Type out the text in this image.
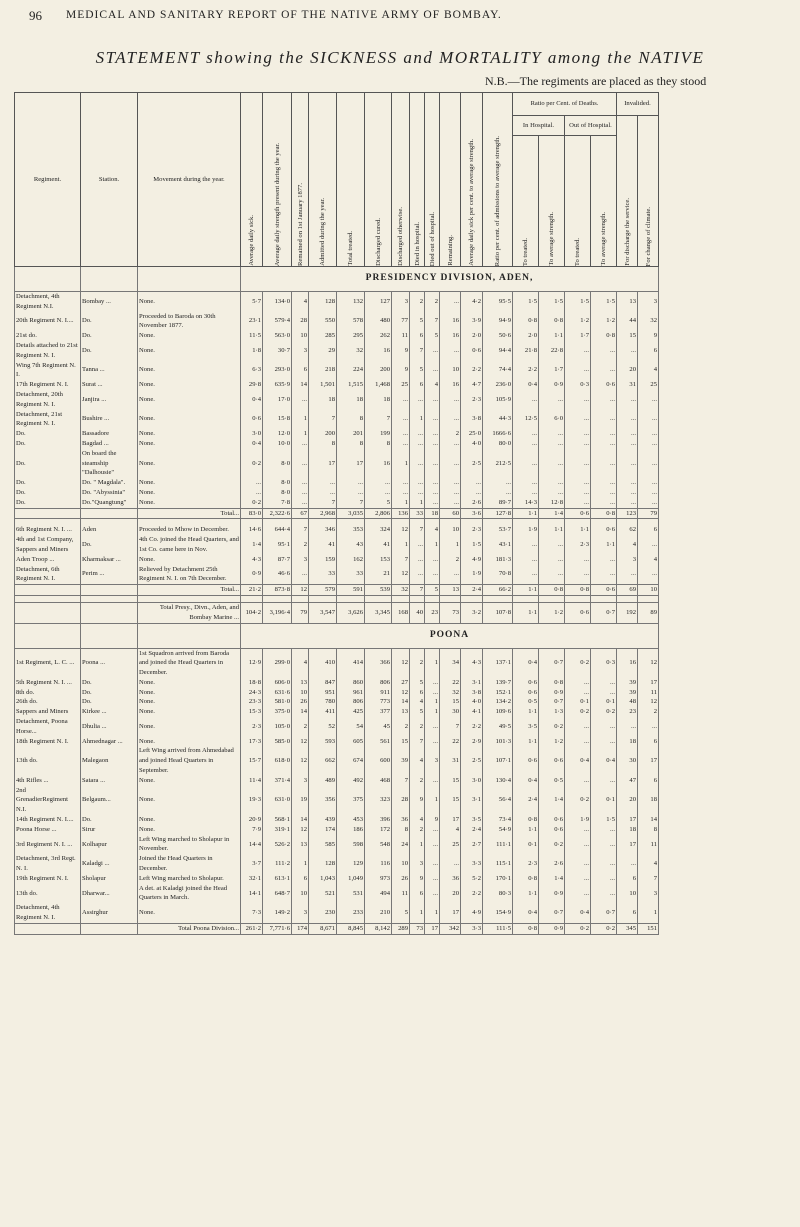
96 MEDICAL AND SANITARY REPORT OF THE NATIVE ARMY OF BOMBAY.
STATEMENT showing the SICKNESS and MORTALITY among the NATIVE
N.B.—The regiments are placed as they stood
Regiment.	Station.	Movement during the year.	Average daily sick.	Average daily strength present during the year.	Remained on 1st January 1877.	Admitted during the year.	Total treated.	Discharged cured.	Discharged otherwise.	Died in hospital.	Died out of hospital.	Remaining.	Average daily sick per cent. to average strength.	Ratio per cent. of admissions to average strength.	Ratio per Cent. of Deaths.				Invalided.	
															In Hospital.		Out of Hospital.		For discharge the service.	For change of climate.

															To treated.	To average strength.	To treated.	To average strength.		

			PRESIDENCY DIVISION, ADEN,																	
Detachment, 4th Regiment N.I.	Bombay ...	None.	5·7	134·0	4	128	132	127	3	2	2	...	4·2	95·5	1·5	1·5	1·5	1·5	13	3
20th Regiment N. I....	Do.	Proceeded to Baroda on 30th November 1877.	23·1	579·4	28	550	578	480	77	5	7	16	3·9	94·9	0·8	0·8	1·2	1·2	44	32
21st do.	Do.	None.	11·5	563·0	10	285	295	262	11	6	5	16	2·0	50·6	2·0	1·1	1·7	0·8	15	9
Details attached to 21st Regiment N. I.	Do.	None.	1·8	30·7	3	29	32	16	9	7	...	...	0·6	94·4	21·8	22·8	...	...	...	6
Wing 7th Regiment N. I.	Tanna ...	None.	6·3	293·0	6	218	224	200	9	5	...	10	2·2	74·4	2·2	1·7	...	...	20	4
17th Regiment N. I.	Surat ...	None.	29·8	635·9	14	1,501	1,515	1,468	25	6	4	16	4·7	236·0	0·4	0·9	0·3	0·6	31	25
Detachment, 20th Regiment N. I.	Janjira ...	None.	0·4	17·0	...	18	18	18	...	...	...	...	2·3	105·9	...	...	...	...	...	...
Detachment, 21st Regiment N. I.	Bushire ...	None.	0·6	15·8	1	7	8	7	...	1	...	...	3·8	44·3	12·5	6·0	...	...	...	...
Do.	Bassadore	None.	3·0	12·0	1	200	201	199	...	...	...	2	25·0	1666·6	...	...	...	...	...	...
Do.	Bagdad ...	None.	0·4	10·0	...	8	8	8	...	...	...	...	4·0	80·0	...	...	...	...	...	...
Do.	On board the steamship "Dalhousie"	None.	0·2	8·0	...	17	17	16	1	...	...	...	2·5	212·5	...	...	...	...	...	...
Do.	Do. " Magdala".	None.	...	8·0	...	...	...	...	...	...	...	...	...	...	...	...	...	...	...	...
Do.	Do. "Abyssinia"	None.	...	8·0	...	...	...	...	...	...	...	...	...	...	...	...	...	...	...	...
Do.	Do."Quangtung"	None.	0·2	7·8	...	7	7	5	1	1	...	...	2·6	89·7	14·3	12·8	...	...	...	...
		Total...	83·0	2,322·6	67	2,968	3,035	2,806	136	33	18	60	3·6	127·8	1·1	1·4	0·6	0·8	123	79

6th Regiment N. I. ...	Aden	Proceeded to Mhow in December.	14·6	644·4	7	346	353	324	12	7	4	10	2·3	53·7	1·9	1·1	1·1	0·6	62	6
4th and 1st Company, Sappers and Miners	Do.	4th Co. joined the Head Quarters, and 1st Co. came here in Nov.	1·4	95·1	2	41	43	41	1	...	1	1	1·5	43·1	...	...	2·3	1·1	4	...
Aden Troop ...	Kharmaksar ...	None.	4·3	87·7	3	159	162	153	7	...	...	2	4·9	181·3	...	...	...	...	3	4
Detachment, 6th Regiment N. I.	Perim ...	Relieved by Detachment 25th Regiment N. I. on 7th December.	0·9	46·6	...	33	33	21	12	...	...	...	1·9	70·8	...	...	...	...	...	...
		Total...	21·2	873·8	12	579	591	539	32	7	5	13	2·4	66·2	1·1	0·8	0·8	0·6	69	10

		Total Presy., Divn., Aden, and Bombay Marine ...	104·2	3,196·4	79	3,547	3,626	3,345	168	40	23	73	3·2	107·8	1·1	1·2	0·6	0·7	192	89
			POONA																	
1st Regiment, L. C. ...	Poona ...	1st Squadron arrived from Baroda and joined the Head Quarters in December.	12·9	299·0	4	410	414	366	12	2	1	34	4·3	137·1	0·4	0·7	0·2	0·3	16	12
5th Regiment N. I. ...	Do.	None.	18·8	606·0	13	847	860	806	27	5	...	22	3·1	139·7	0·6	0·8	...	...	39	17
8th do.	Do.	None.	24·3	631·6	10	951	961	911	12	6	...	32	3·8	152·1	0·6	0·9	...	...	39	11
26th do.	Do.	None.	23·3	581·0	26	780	806	773	14	4	1	15	4·0	134·2	0·5	0·7	0·1	0·1	48	12
Sappers and Miners	Kirkee ...	None.	15·3	375·0	14	411	425	377	13	5	1	30	4·1	109·6	1·1	1·3	0·2	0·2	23	2
Detachment, Poona Horse...	Dhulia ...	None.	2·3	105·0	2	52	54	45	2	2	...	7	2·2	49·5	3·5	0·2	...	...	...	...
18th Regiment N. I.	Ahmednagar ...	None.	17·3	585·0	12	593	605	561	15	7	...	22	2·9	101·3	1·1	1·2	...	...	18	6
13th do.	Malegaon	Left Wing arrived from Ahmedabad and joined Head Quarters in September.	15·7	618·0	12	662	674	600	39	4	3	31	2·5	107·1	0·6	0·6	0·4	0·4	30	17
4th Rifles ...	Satara ...	None.	11·4	371·4	3	489	492	468	7	2	...	15	3·0	130·4	0·4	0·5	...	...	47	6
2nd GrenadierRegiment N.I.	Belgaum...	None.	19·3	631·0	19	356	375	323	28	9	1	15	3·1	56·4	2·4	1·4	0·2	0·1	20	18
14th Regiment N. I....	Do.	None.	20·9	568·1	14	439	453	396	36	4	9	17	3·5	73·4	0·8	0·6	1·9	1·5	17	14
Poona Horse ...	Sirur	None.	7·9	319·1	12	174	186	172	8	2	...	4	2·4	54·9	1·1	0·6	...	...	18	8
3rd Regiment N. I. ...	Kolhapur	Left Wing marched to Sholapur in November.	14·4	526·2	13	585	598	548	24	1	...	25	2·7	111·1	0·1	0·2	...	...	17	11
Detachment, 3rd Regt. N. I.	Kaladgi ...	Joined the Head Quarters in December.	3·7	111·2	1	128	129	116	10	3	...	...	3·3	115·1	2·3	2·6	...	...	...	4
19th Regiment N. I.	Sholapur	Left Wing marched to Sholapur.	32·1	613·1	6	1,043	1,049	973	26	9	...	36	5·2	170·1	0·8	1·4	...	...	6	7
13th do.	Dharwar...	A det. at Kaladgi joined the Head Quarters in March.	14·1	648·7	10	521	531	494	11	6	...	20	2·2	80·3	1·1	0·9	...	...	10	3
Detachment, 4th Regiment N. I.	Assirghur	None.	7·3	149·2	3	230	233	210	5	1	1	17	4·9	154·9	0·4	0·7	0·4	0·7	6	1
		Total Poona Division...	261·2	7,771·6	174	8,671	8,845	8,142	289	73	17	342	3·3	111·5	0·8	0·9	0·2	0·2	345	151
